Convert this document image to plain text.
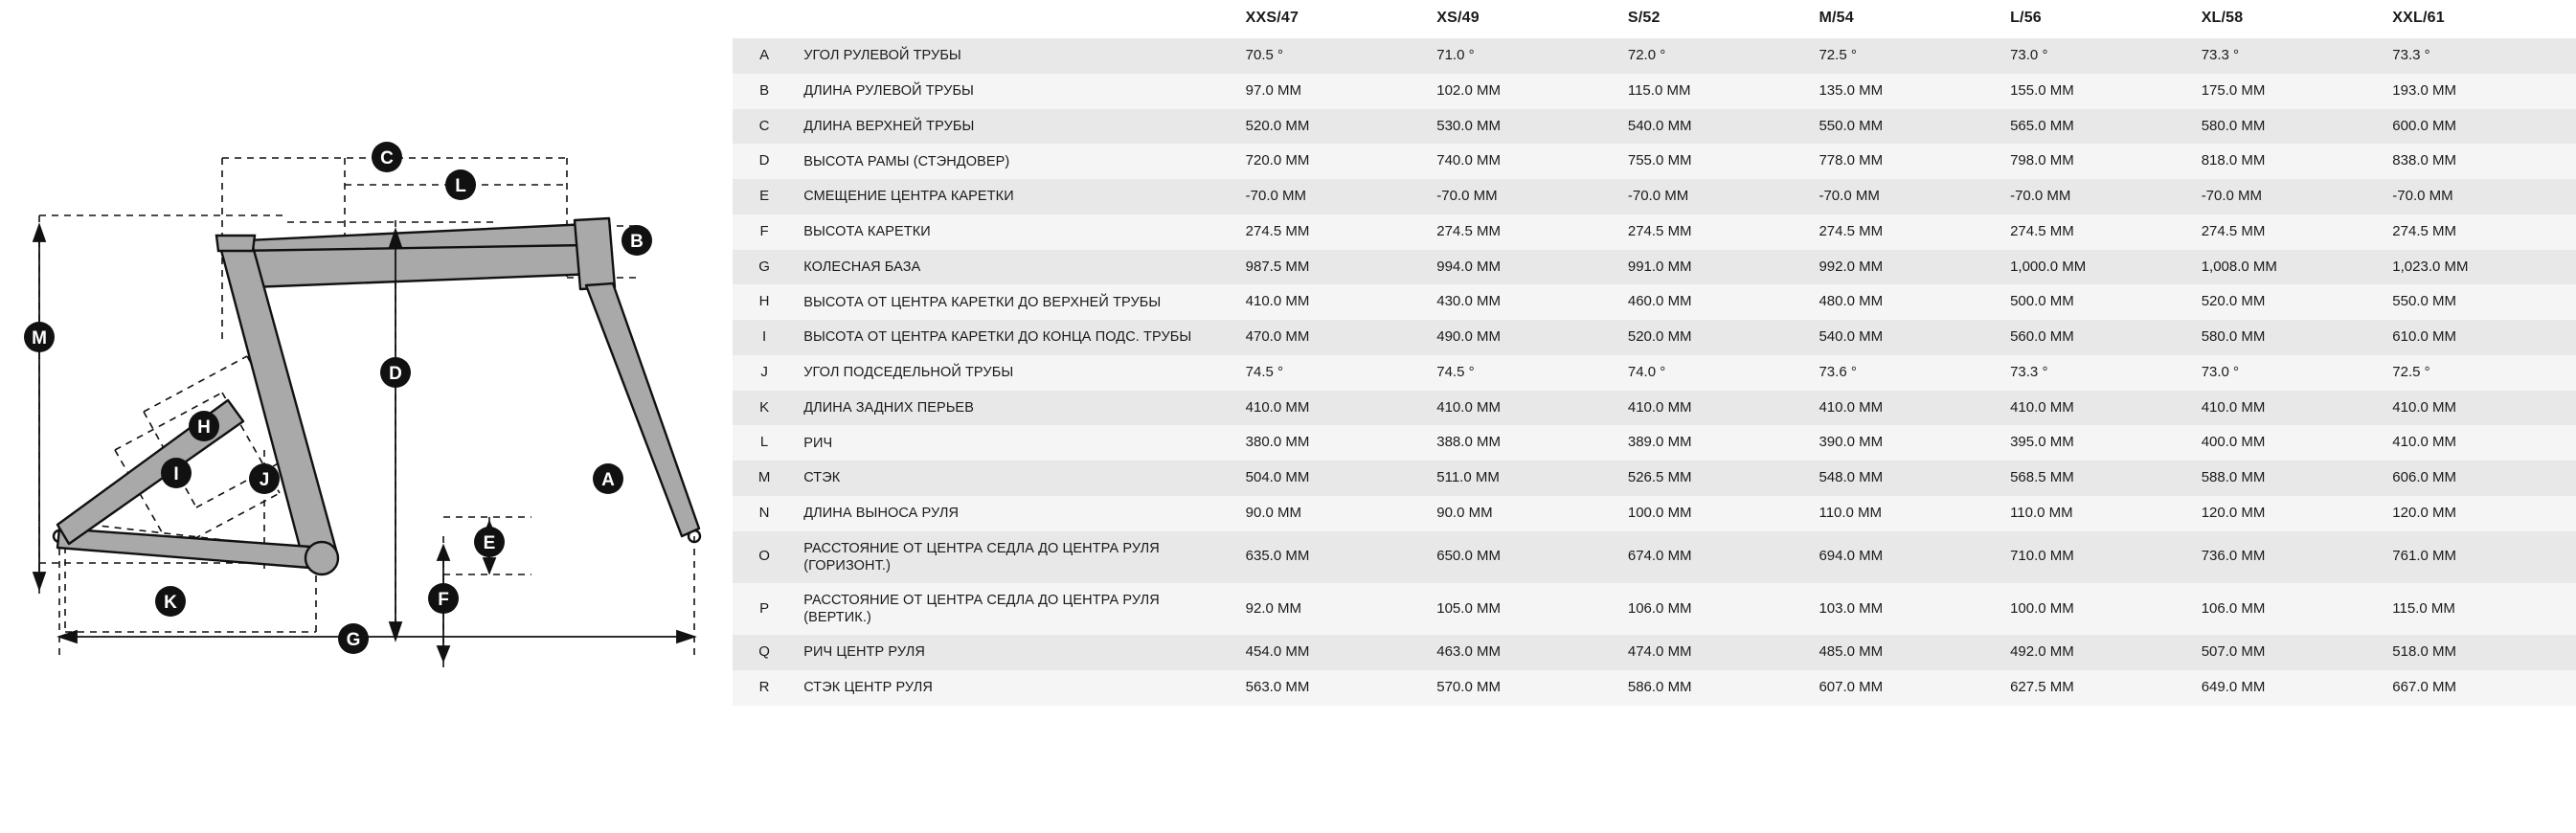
A
B
C
D
E
F
G
H
I	J
K
L
M
		XXS/47	XS/49	S/52	M/54	L/56	XL/58	XXL/61
A	УГОЛ РУЛЕВОЙ ТРУБЫ	70.5 °	71.0 °	72.0 °	72.5 °	73.0 °	73.3 °	73.3 °
B	ДЛИНА РУЛЕВОЙ ТРУБЫ	97.0 ММ	102.0 ММ	115.0 ММ	135.0 ММ	155.0 ММ	175.0 ММ	193.0 ММ
C	ДЛИНА ВЕРХНЕЙ ТРУБЫ	520.0 ММ	530.0 ММ	540.0 ММ	550.0 ММ	565.0 ММ	580.0 ММ	600.0 ММ
D	ВЫСОТА РАМЫ (СТЭНДОВЕР)	720.0 ММ	740.0 ММ	755.0 ММ	778.0 ММ	798.0 ММ	818.0 ММ	838.0 ММ
E	СМЕЩЕНИЕ ЦЕНТРА КАРЕТКИ	-70.0 ММ	-70.0 ММ	-70.0 ММ	-70.0 ММ	-70.0 ММ	-70.0 ММ	-70.0 ММ
F	ВЫСОТА КАРЕТКИ	274.5 ММ	274.5 ММ	274.5 ММ	274.5 ММ	274.5 ММ	274.5 ММ	274.5 ММ
G	КОЛЕСНАЯ БАЗА	987.5 ММ	994.0 ММ	991.0 ММ	992.0 ММ	1,000.0 ММ	1,008.0 ММ	1,023.0 ММ
H	ВЫСОТА ОТ ЦЕНТРА КАРЕТКИ ДО ВЕРХНЕЙ ТРУБЫ	410.0 ММ	430.0 ММ	460.0 ММ	480.0 ММ	500.0 ММ	520.0 ММ	550.0 ММ
I	ВЫСОТА ОТ ЦЕНТРА КАРЕТКИ ДО КОНЦА ПОДС. ТРУБЫ	470.0 ММ	490.0 ММ	520.0 ММ	540.0 ММ	560.0 ММ	580.0 ММ	610.0 ММ
J	УГОЛ ПОДСЕДЕЛЬНОЙ ТРУБЫ	74.5 °	74.5 °	74.0 °	73.6 °	73.3 °	73.0 °	72.5 °
K	ДЛИНА ЗАДНИХ ПЕРЬЕВ	410.0 ММ	410.0 ММ	410.0 ММ	410.0 ММ	410.0 ММ	410.0 ММ	410.0 ММ
L	РИЧ	380.0 ММ	388.0 ММ	389.0 ММ	390.0 ММ	395.0 ММ	400.0 ММ	410.0 ММ
M	СТЭК	504.0 ММ	511.0 ММ	526.5 ММ	548.0 ММ	568.5 ММ	588.0 ММ	606.0 ММ
N	ДЛИНА ВЫНОСА РУЛЯ	90.0 ММ	90.0 ММ	100.0 ММ	110.0 ММ	110.0 ММ	120.0 ММ	120.0 ММ
O	РАССТОЯНИЕ ОТ ЦЕНТРА СЕДЛА ДО ЦЕНТРА РУЛЯ (ГОРИЗОНТ.)	635.0 ММ	650.0 ММ	674.0 ММ	694.0 ММ	710.0 ММ	736.0 ММ	761.0 ММ
P	РАССТОЯНИЕ ОТ ЦЕНТРА СЕДЛА ДО ЦЕНТРА РУЛЯ (ВЕРТИК.)	92.0 ММ	105.0 ММ	106.0 ММ	103.0 ММ	100.0 ММ	106.0 ММ	115.0 ММ
Q	РИЧ ЦЕНТР РУЛЯ	454.0 ММ	463.0 ММ	474.0 ММ	485.0 ММ	492.0 ММ	507.0 ММ	518.0 ММ
R	СТЭК ЦЕНТР РУЛЯ	563.0 ММ	570.0 ММ	586.0 ММ	607.0 ММ	627.5 ММ	649.0 ММ	667.0 ММ
